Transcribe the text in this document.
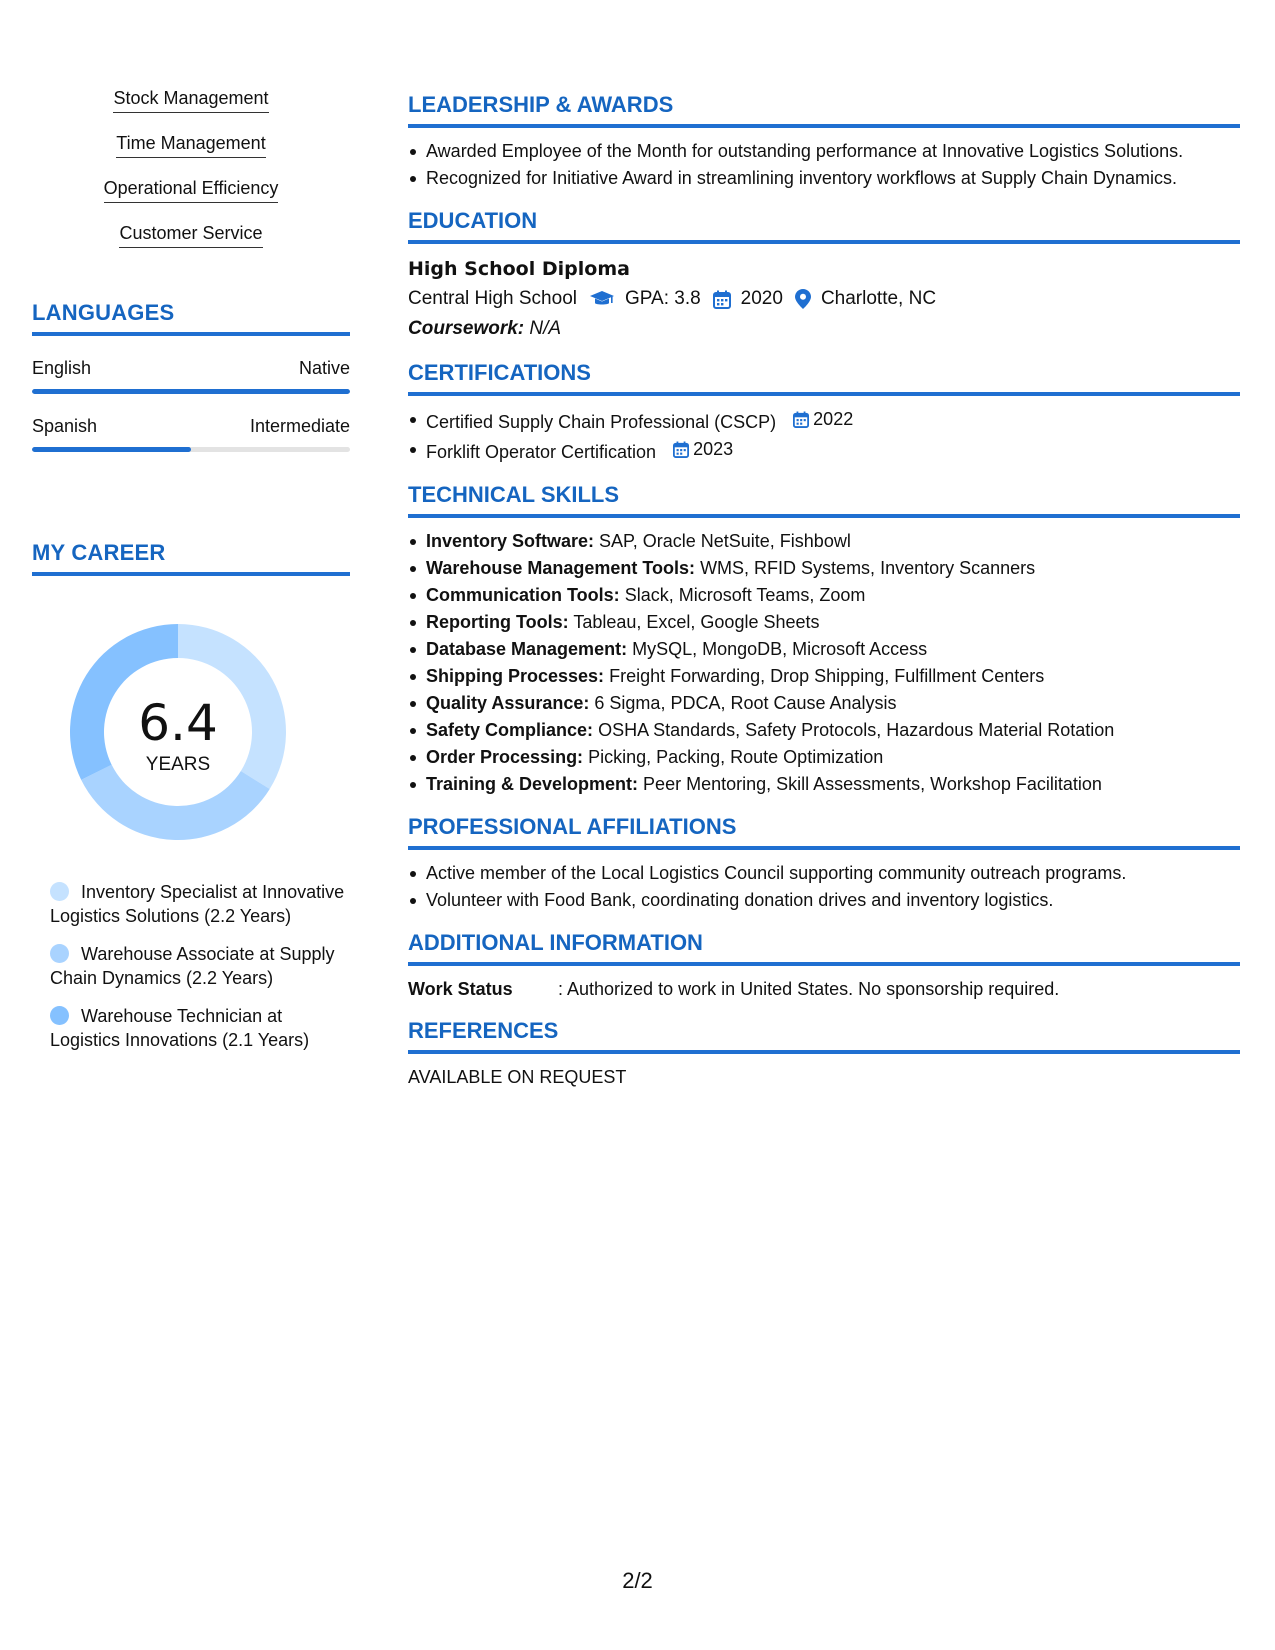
Stock Management
Time Management
Operational Efficiency
Customer Service
LANGUAGES
English	Native
Spanish	Intermediate
MY CAREER
6.4
YEARS
Inventory Specialist at Innovative Logistics Solutions (2.2 Years)
Warehouse Associate at Supply Chain Dynamics (2.2 Years)
Warehouse Technician at Logistics Innovations (2.1 Years)
LEADERSHIP & AWARDS
Awarded Employee of the Month for outstanding performance at Innovative Logistics Solutions.
Recognized for Initiative Award in streamlining inventory workflows at Supply Chain Dynamics.
EDUCATION
High School Diploma
Central High School	GPA: 3.8 2020 Charlotte, NC
Coursework: N/A
CERTIFICATIONS
Certified Supply Chain Professional (CSCP) 2022
Forklift Operator Certification 2023
TECHNICAL SKILLS
Inventory Software: SAP, Oracle NetSuite, Fishbowl
Warehouse Management Tools: WMS, RFID Systems, Inventory Scanners
Communication Tools: Slack, Microsoft Teams, Zoom
Reporting Tools: Tableau, Excel, Google Sheets
Database Management: MySQL, MongoDB, Microsoft Access
Shipping Processes: Freight Forwarding, Drop Shipping, Fulfillment Centers
Quality Assurance: 6 Sigma, PDCA, Root Cause Analysis
Safety Compliance: OSHA Standards, Safety Protocols, Hazardous Material Rotation
Order Processing: Picking, Packing, Route Optimization
Training & Development: Peer Mentoring, Skill Assessments, Workshop Facilitation
PROFESSIONAL AFFILIATIONS
Active member of the Local Logistics Council supporting community outreach programs.
Volunteer with Food Bank, coordinating donation drives and inventory logistics.
ADDITIONAL INFORMATION
Work Status	: Authorized to work in United States. No sponsorship required.
REFERENCES
AVAILABLE ON REQUEST
2/2
